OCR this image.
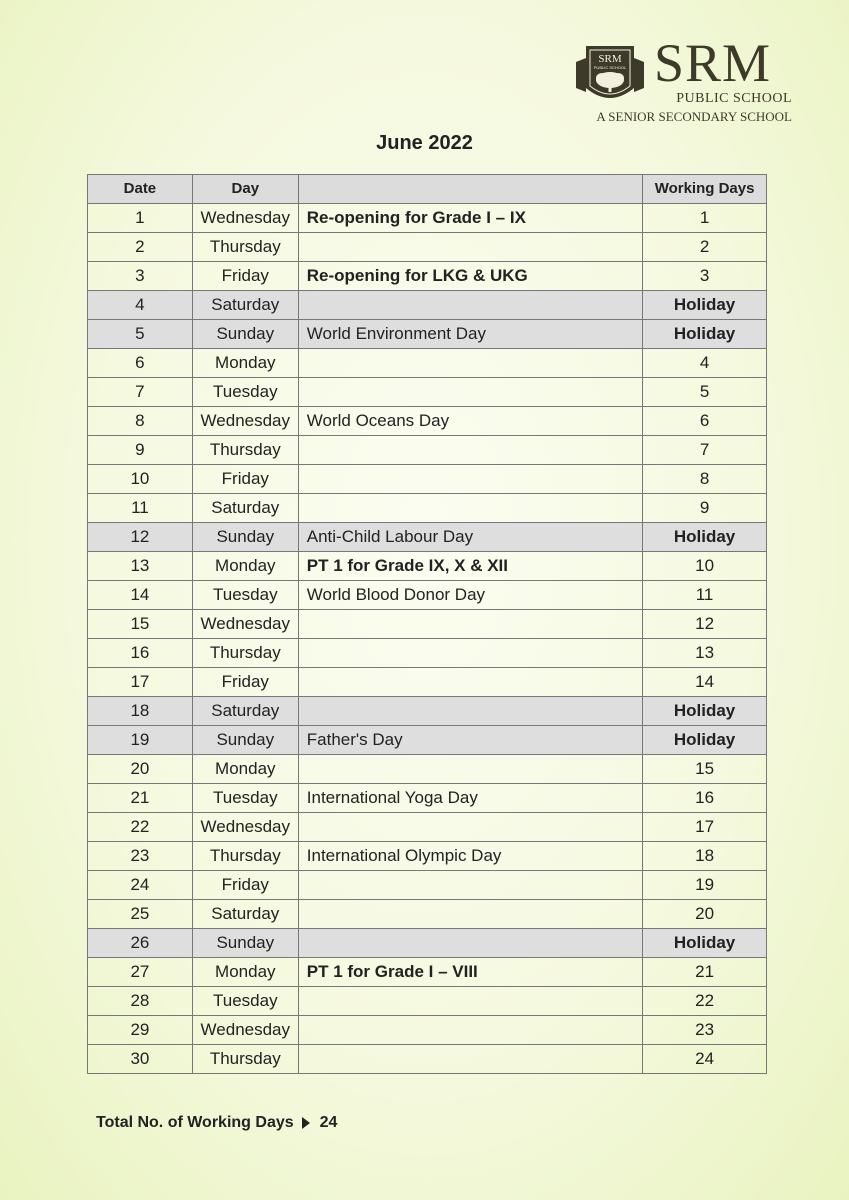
SRM
PUBLIC SCHOOL SRM
PUBLIC SCHOOL
A SENIOR SECONDARY SCHOOL
June 2022
Date	Day		Working Days
1	Wednesday	Re-opening for Grade I – IX	1
2	Thursday		2
3	Friday	Re-opening for LKG & UKG	3
4	Saturday		Holiday
5	Sunday	World Environment Day	Holiday
6	Monday		4
7	Tuesday		5
8	Wednesday	World Oceans Day	6
9	Thursday		7
10	Friday		8
11	Saturday		9
12	Sunday	Anti-Child Labour Day	Holiday
13	Monday	PT 1 for Grade IX, X & XII	10
14	Tuesday	World Blood Donor Day	11
15	Wednesday		12
16	Thursday		13
17	Friday		14
18	Saturday		Holiday
19	Sunday	Father's Day	Holiday
20	Monday		15
21	Tuesday	International Yoga Day	16
22	Wednesday		17
23	Thursday	International Olympic Day	18
24	Friday		19
25	Saturday		20
26	Sunday		Holiday
27	Monday	PT 1 for Grade I – VIII	21
28	Tuesday		22
29	Wednesday		23
30	Thursday		24
Total No. of Working Days 24
